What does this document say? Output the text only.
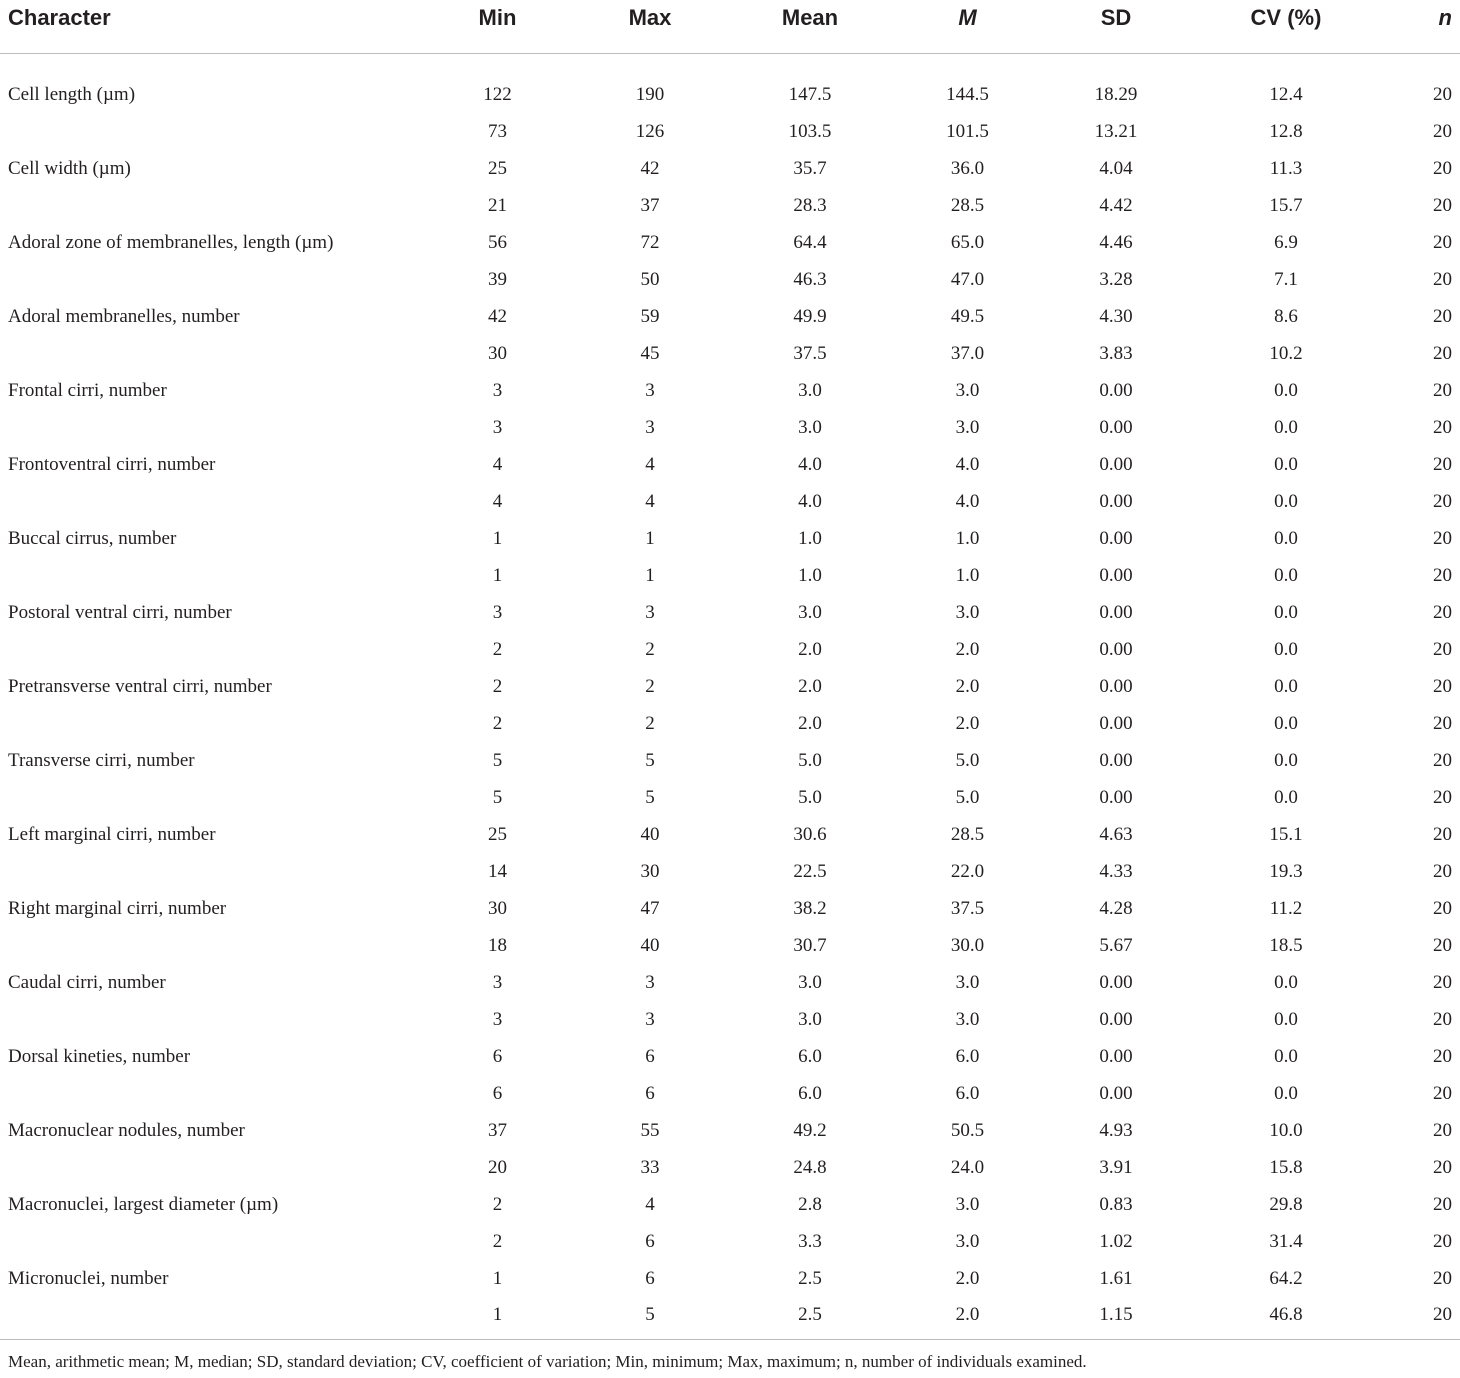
Character	Min	Max	Mean	M	SD	CV (%)	n
Cell length (µm)	122	190	147.5	144.5	18.29	12.4	20
	73	126	103.5	101.5	13.21	12.8	20
Cell width (µm)	25	42	35.7	36.0	4.04	11.3	20
	21	37	28.3	28.5	4.42	15.7	20
Adoral zone of membranelles, length (µm)	56	72	64.4	65.0	4.46	6.9	20
	39	50	46.3	47.0	3.28	7.1	20
Adoral membranelles, number	42	59	49.9	49.5	4.30	8.6	20
	30	45	37.5	37.0	3.83	10.2	20
Frontal cirri, number	3	3	3.0	3.0	0.00	0.0	20
	3	3	3.0	3.0	0.00	0.0	20
Frontoventral cirri, number	4	4	4.0	4.0	0.00	0.0	20
	4	4	4.0	4.0	0.00	0.0	20
Buccal cirrus, number	1	1	1.0	1.0	0.00	0.0	20
	1	1	1.0	1.0	0.00	0.0	20
Postoral ventral cirri, number	3	3	3.0	3.0	0.00	0.0	20
	2	2	2.0	2.0	0.00	0.0	20
Pretransverse ventral cirri, number	2	2	2.0	2.0	0.00	0.0	20
	2	2	2.0	2.0	0.00	0.0	20
Transverse cirri, number	5	5	5.0	5.0	0.00	0.0	20
	5	5	5.0	5.0	0.00	0.0	20
Left marginal cirri, number	25	40	30.6	28.5	4.63	15.1	20
	14	30	22.5	22.0	4.33	19.3	20
Right marginal cirri, number	30	47	38.2	37.5	4.28	11.2	20
	18	40	30.7	30.0	5.67	18.5	20
Caudal cirri, number	3	3	3.0	3.0	0.00	0.0	20
	3	3	3.0	3.0	0.00	0.0	20
Dorsal kineties, number	6	6	6.0	6.0	0.00	0.0	20
	6	6	6.0	6.0	0.00	0.0	20
Macronuclear nodules, number	37	55	49.2	50.5	4.93	10.0	20
	20	33	24.8	24.0	3.91	15.8	20
Macronuclei, largest diameter (µm)	2	4	2.8	3.0	0.83	29.8	20
	2	6	3.3	3.0	1.02	31.4	20
Micronuclei, number	1	6	2.5	2.0	1.61	64.2	20
	1	5	2.5	2.0	1.15	46.8	20
Mean, arithmetic mean; M, median; SD, standard deviation; CV, coefficient of variation; Min, minimum; Max, maximum; n, number of individuals examined.
